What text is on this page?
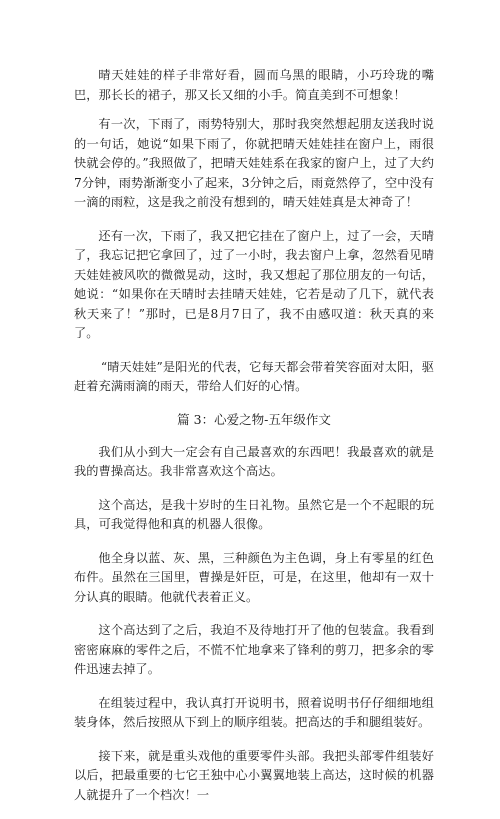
晴天娃娃的样子非常好看，圆而乌黑的眼睛，小巧玲珑的嘴巴，那长长的裙子，那又长又细的小手。简直美到不可想象！

有一次，下雨了，雨势特别大，那时我突然想起朋友送我时说的一句话，她说“如果下雨了，你就把晴天娃娃挂在窗户上，雨很快就会停的。”我照做了，把晴天娃娃系在我家的窗户上，过了大约7分钟，雨势渐渐变小了起来，3分钟之后，雨竟然停了，空中没有一滴的雨粒，这是我之前没有想到的，晴天娃娃真是太神奇了！

还有一次，下雨了，我又把它挂在了窗户上，过了一会，天晴了，我忘记把它拿回了，过了一小时，我去窗户上拿，忽然看见晴天娃娃被风吹的微微晃动，这时，我又想起了那位朋友的一句话，她说：“如果你在天晴时去挂晴天娃娃，它若是动了几下，就代表秋天来了！”那时，已是8月7日了，我不由感叹道：秋天真的来了。

“晴天娃娃”是阳光的代表，它每天都会带着笑容面对太阳，驱赶着充满雨滴的雨天，带给人们好的心情。

篇 3：心爱之物-五年级作文

我们从小到大一定会有自己最喜欢的东西吧！我最喜欢的就是我的曹操高达。我非常喜欢这个高达。

这个高达，是我十岁时的生日礼物。虽然它是一个不起眼的玩具，可我觉得他和真的机器人很像。

他全身以蓝、灰、黑，三种颜色为主色调，身上有零星的红色布件。虽然在三国里，曹操是奸臣，可是，在这里，他却有一双十分认真的眼睛。他就代表着正义。

这个高达到了之后，我迫不及待地打开了他的包装盒。我看到密密麻麻的零件之后，不慌不忙地拿来了锋利的剪刀，把多余的零件迅速去掉了。

在组装过程中，我认真打开说明书，照着说明书仔仔细细地组装身体，然后按照从下到上的顺序组装。把高达的手和腿组装好。

接下来，就是重头戏他的重要零件头部。我把头部零件组装好以后，把最重要的七它王独中心小翼翼地装上高达，这时候的机器人就提升了一个档次！一
